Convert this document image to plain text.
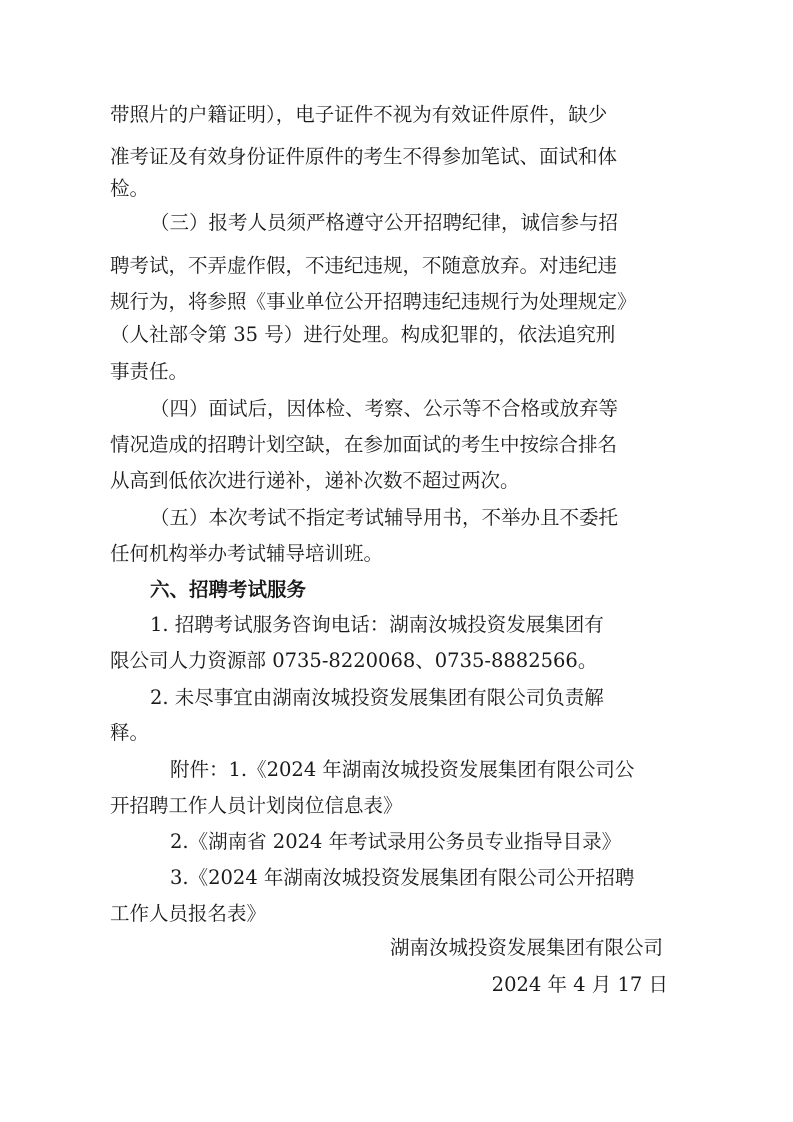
带照片的户籍证明），电子证件不视为有效证件原件，缺少
准考证及有效身份证件原件的考生不得参加笔试、面试和体
检。
（三）报考人员须严格遵守公开招聘纪律，诚信参与招
聘考试，不弄虚作假，不违纪违规，不随意放弃。对违纪违
规行为，将参照《事业单位公开招聘违纪违规行为处理规定》
（人社部令第 35 号）进行处理。构成犯罪的，依法追究刑
事责任。
（四）面试后，因体检、考察、公示等不合格或放弃等
情况造成的招聘计划空缺，在参加面试的考生中按综合排名
从高到低依次进行递补，递补次数不超过两次。
（五）本次考试不指定考试辅导用书，不举办且不委托
任何机构举办考试辅导培训班。
六、招聘考试服务
1. 招聘考试服务咨询电话：湖南汝城投资发展集团有
限公司人力资源部 0735-8220068、0735-8882566。
2. 未尽事宜由湖南汝城投资发展集团有限公司负责解
释。
附件：1.《2024 年湖南汝城投资发展集团有限公司公
开招聘工作人员计划岗位信息表》
2.《湖南省 2024 年考试录用公务员专业指导目录》
3.《2024 年湖南汝城投资发展集团有限公司公开招聘
工作人员报名表》
湖南汝城投资发展集团有限公司
2024 年 4 月 17 日
